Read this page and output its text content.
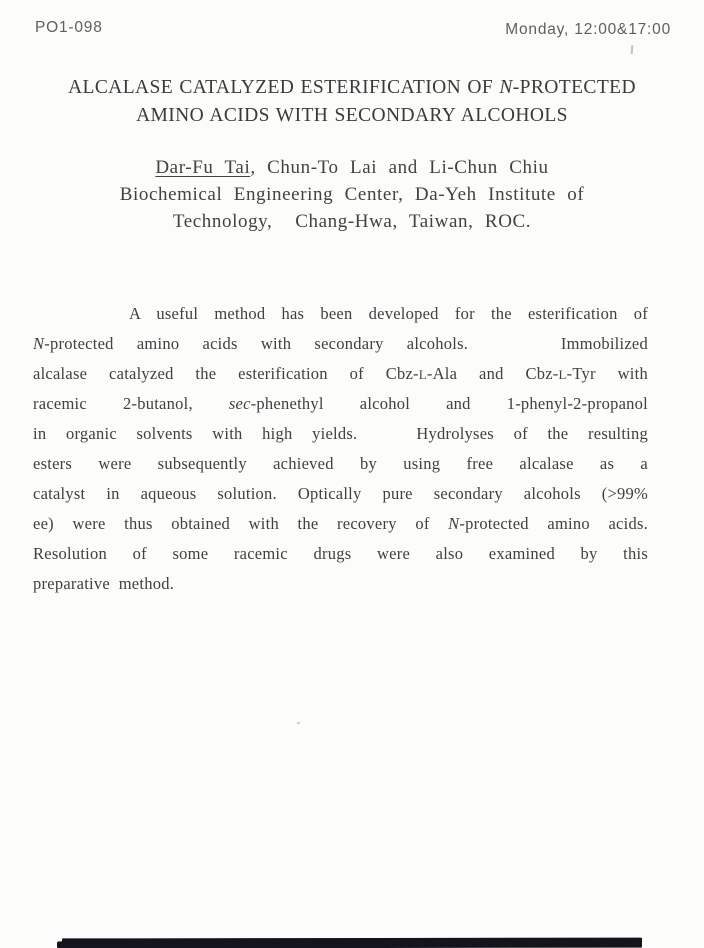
PO1-098	Monday, 12:00&17:00
ALCALASE CATALYZED ESTERIFICATION OF N-PROTECTED
AMINO ACIDS WITH SECONDARY ALCOHOLS
Dar-Fu Tai, Chun-To Lai and Li-Chun Chiu
Biochemical Engineering Center, Da-Yeh Institute of
Technology,  Chang-Hwa, Taiwan, ROC.
A useful method has been developed for the esterification of
N-protected amino acids with secondary alcohols.    Immobilized
alcalase catalyzed the esterification of Cbz-L-Ala and Cbz-L-Tyr with
racemic 2-butanol, sec-phenethyl alcohol and 1-phenyl-2-propanol
in organic solvents with high yields.   Hydrolyses of the resulting
esters were subsequently achieved by using free alcalase as a
catalyst in aqueous solution. Optically pure secondary alcohols (>99%
ee) were thus obtained with the recovery of N-protected amino acids.
Resolution of some racemic drugs were also examined by this
preparative  method.
